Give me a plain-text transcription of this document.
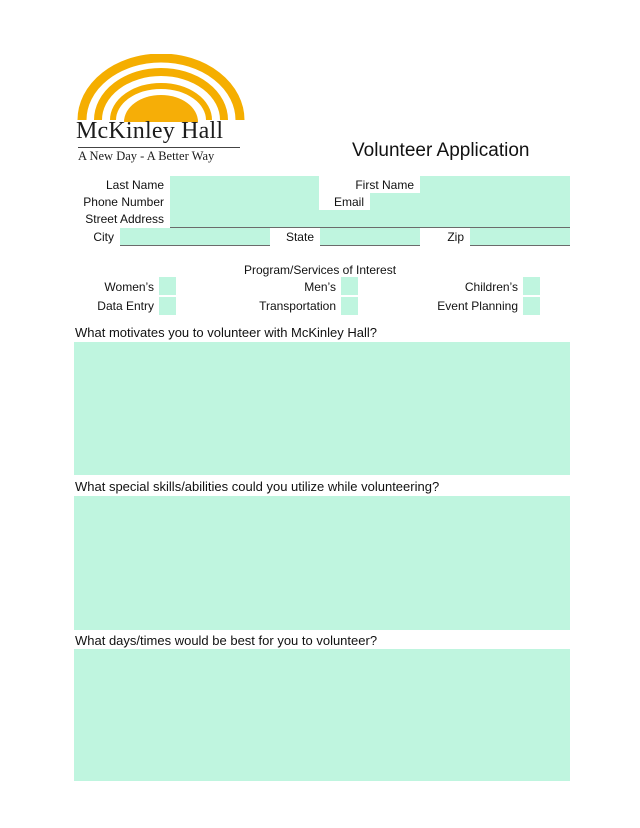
McKinley Hall
A New Day - A Better Way	Volunteer Application
Last Name	First Name
Phone Number	Email
Street Address
City	State	Zip
Program/Services of Interest
Women’s	Men’s	Children’s
Data Entry	Transportation	Event Planning
What motivates you to volunteer with McKinley Hall?
What special skills/abilities could you utilize while volunteering?
What days/times would be best for you to volunteer?
